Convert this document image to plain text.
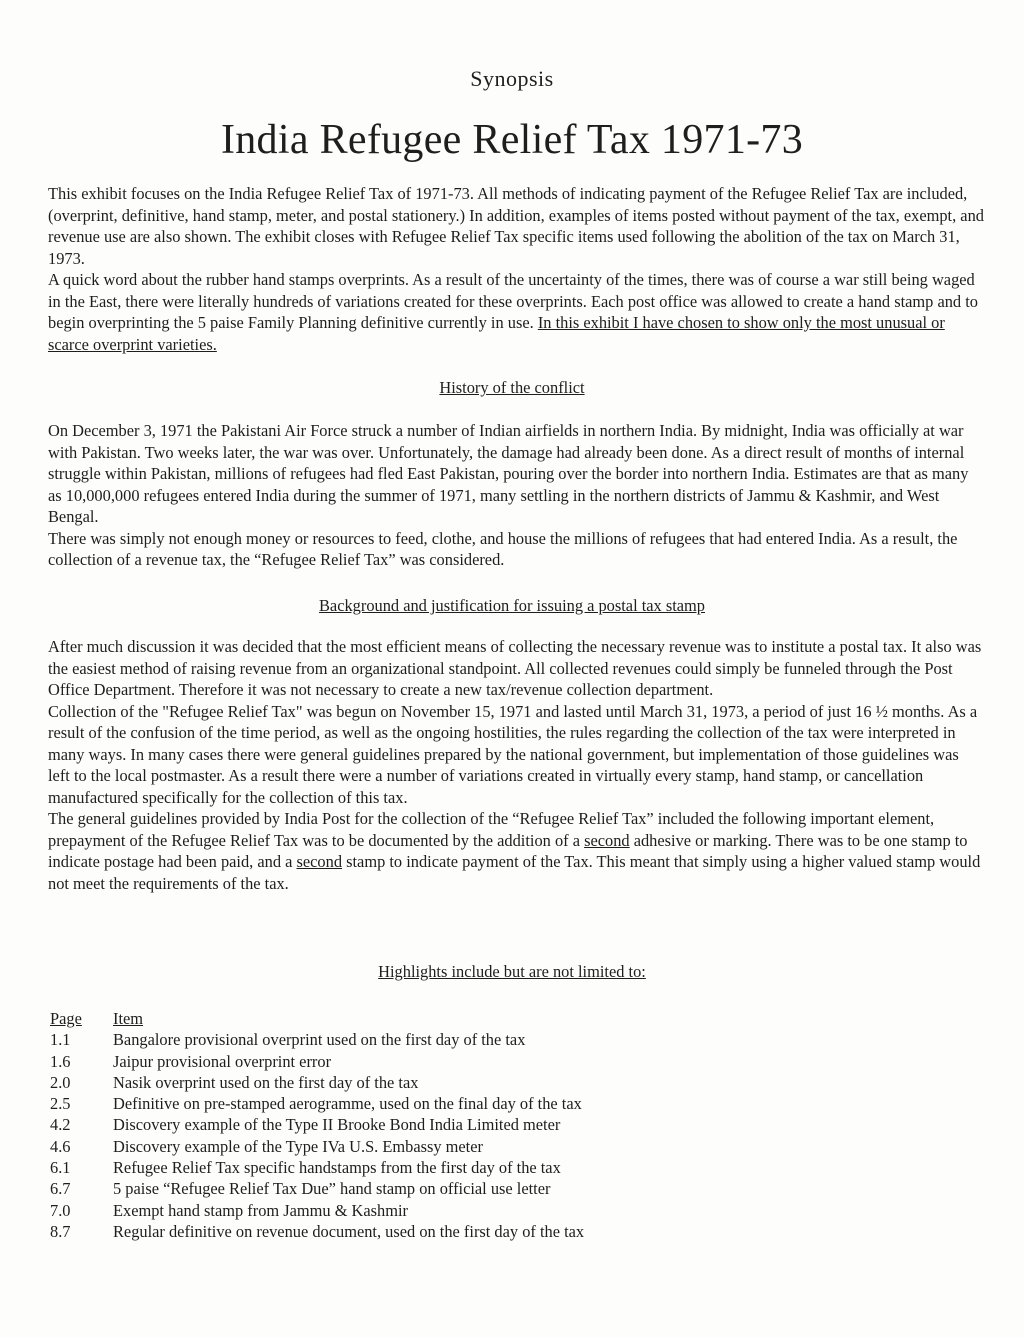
Synopsis
India Refugee Relief Tax 1971-73

This exhibit focuses on the India Refugee Relief Tax of 1971-73. All methods of indicating payment of the Refugee Relief Tax are included, (overprint, definitive, hand stamp, meter, and postal stationery.) In addition, examples of items posted without payment of the tax, exempt, and revenue use are also shown. The exhibit closes with Refugee Relief Tax specific items used following the abolition of the tax on March 31, 1973.

A quick word about the rubber hand stamps overprints. As a result of the uncertainty of the times, there was of course a war still being waged in the East, there were literally hundreds of variations created for these overprints. Each post office was allowed to create a hand stamp and to begin overprinting the 5 paise Family Planning definitive currently in use. In this exhibit I have chosen to show only the most unusual or scarce overprint varieties.

History of the conflict

On December 3, 1971 the Pakistani Air Force struck a number of Indian airfields in northern India. By midnight, India was officially at war with Pakistan. Two weeks later, the war was over. Unfortunately, the damage had already been done. As a direct result of months of internal struggle within Pakistan, millions of refugees had fled East Pakistan, pouring over the border into northern India. Estimates are that as many as 10,000,000 refugees entered India during the summer of 1971, many settling in the northern districts of Jammu & Kashmir, and West Bengal.

There was simply not enough money or resources to feed, clothe, and house the millions of refugees that had entered India. As a result, the collection of a revenue tax, the “Refugee Relief Tax” was considered.

Background and justification for issuing a postal tax stamp

After much discussion it was decided that the most efficient means of collecting the necessary revenue was to institute a postal tax. It also was the easiest method of raising revenue from an organizational standpoint. All collected revenues could simply be funneled through the Post Office Department. Therefore it was not necessary to create a new tax/revenue collection department.

Collection of the "Refugee Relief Tax" was begun on November 15, 1971 and lasted until March 31, 1973, a period of just 16 ½ months. As a result of the confusion of the time period, as well as the ongoing hostilities, the rules regarding the collection of the tax were interpreted in many ways. In many cases there were general guidelines prepared by the national government, but implementation of those guidelines was left to the local postmaster. As a result there were a number of variations created in virtually every stamp, hand stamp, or cancellation manufactured specifically for the collection of this tax.

The general guidelines provided by India Post for the collection of the “Refugee Relief Tax” included the following important element, prepayment of the Refugee Relief Tax was to be documented by the addition of a second adhesive or marking. There was to be one stamp to indicate postage had been paid, and a second stamp to indicate payment of the Tax. This meant that simply using a higher valued stamp would not meet the requirements of the tax.

Highlights include but are not limited to:
Page	Item
1.1	Bangalore provisional overprint used on the first day of the tax
1.6	Jaipur provisional overprint error
2.0	Nasik overprint used on the first day of the tax
2.5	Definitive on pre-stamped aerogramme, used on the final day of the tax
4.2	Discovery example of the Type II Brooke Bond India Limited meter
4.6	Discovery example of the Type IVa U.S. Embassy meter
6.1	Refugee Relief Tax specific handstamps from the first day of the tax
6.7	5 paise “Refugee Relief Tax Due” hand stamp on official use letter
7.0	Exempt hand stamp from Jammu & Kashmir
8.7	Regular definitive on revenue document, used on the first day of the tax
